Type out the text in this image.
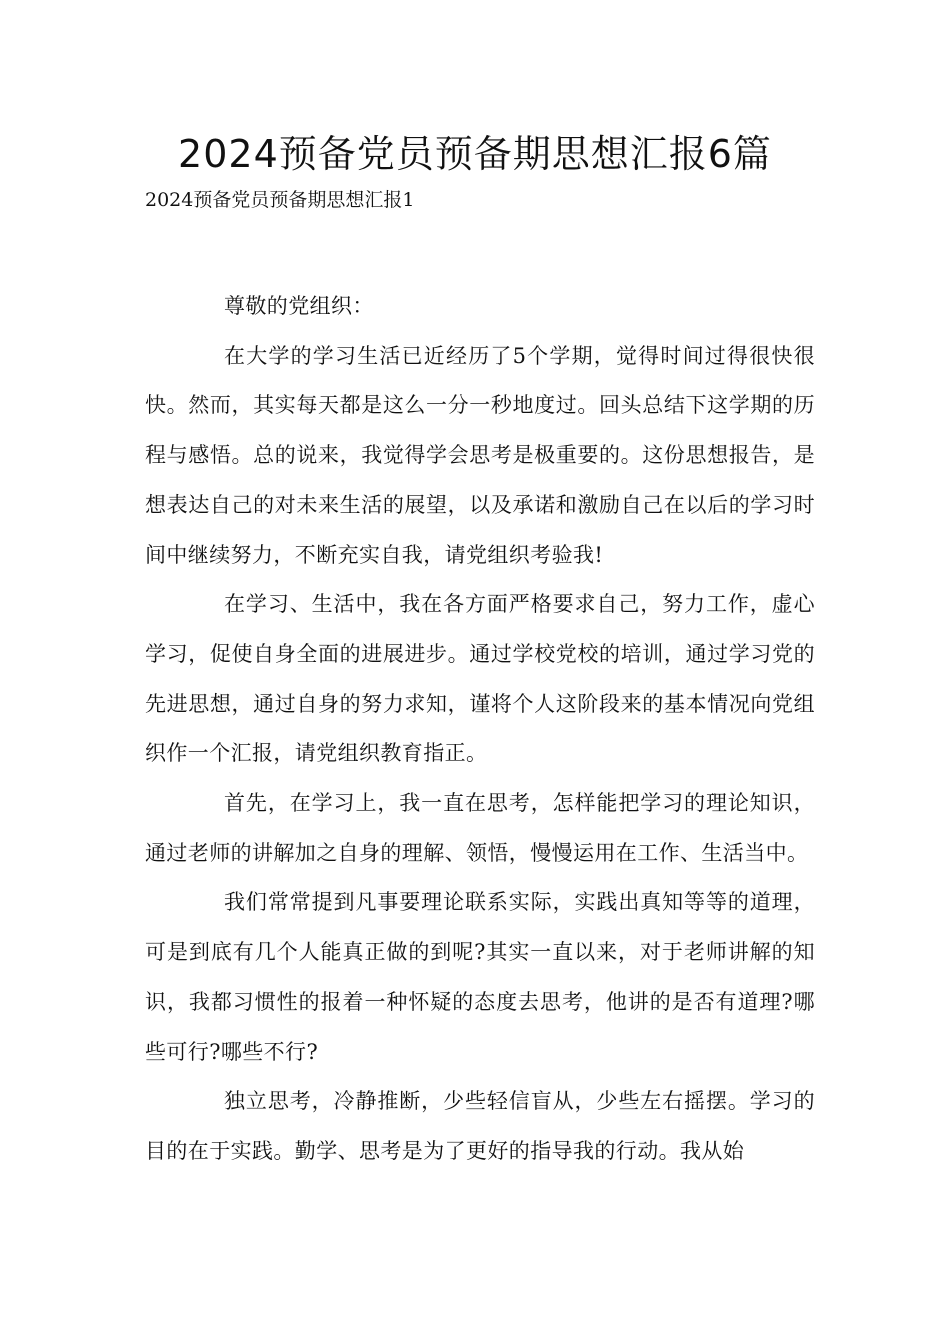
2024预备党员预备期思想汇报6篇

2024预备党员预备期思想汇报1

尊敬的党组织：

在大学的学习生活已近经历了5个学期，觉得时间过得很快很快。然而，其实每天都是这么一分一秒地度过。回头总结下这学期的历程与感悟。总的说来，我觉得学会思考是极重要的。这份思想报告，是想表达自己的对未来生活的展望，以及承诺和激励自己在以后的学习时间中继续努力，不断充实自我，请党组织考验我!

在学习、生活中，我在各方面严格要求自己，努力工作，虚心学习，促使自身全面的进展进步。通过学校党校的培训，通过学习党的先进思想，通过自身的努力求知，谨将个人这阶段来的基本情况向党组织作一个汇报，请党组织教育指正。

首先，在学习上，我一直在思考，怎样能把学习的理论知识，通过老师的讲解加之自身的理解、领悟，慢慢运用在工作、生活当中。

我们常常提到凡事要理论联系实际，实践出真知等等的道理，可是到底有几个人能真正做的到呢?其实一直以来，对于老师讲解的知识，我都习惯性的报着一种怀疑的态度去思考，他讲的是否有道理?哪些可行?哪些不行?

独立思考，冷静推断，少些轻信盲从，少些左右摇摆。学习的目的在于实践。勤学、思考是为了更好的指导我的行动。我从始
